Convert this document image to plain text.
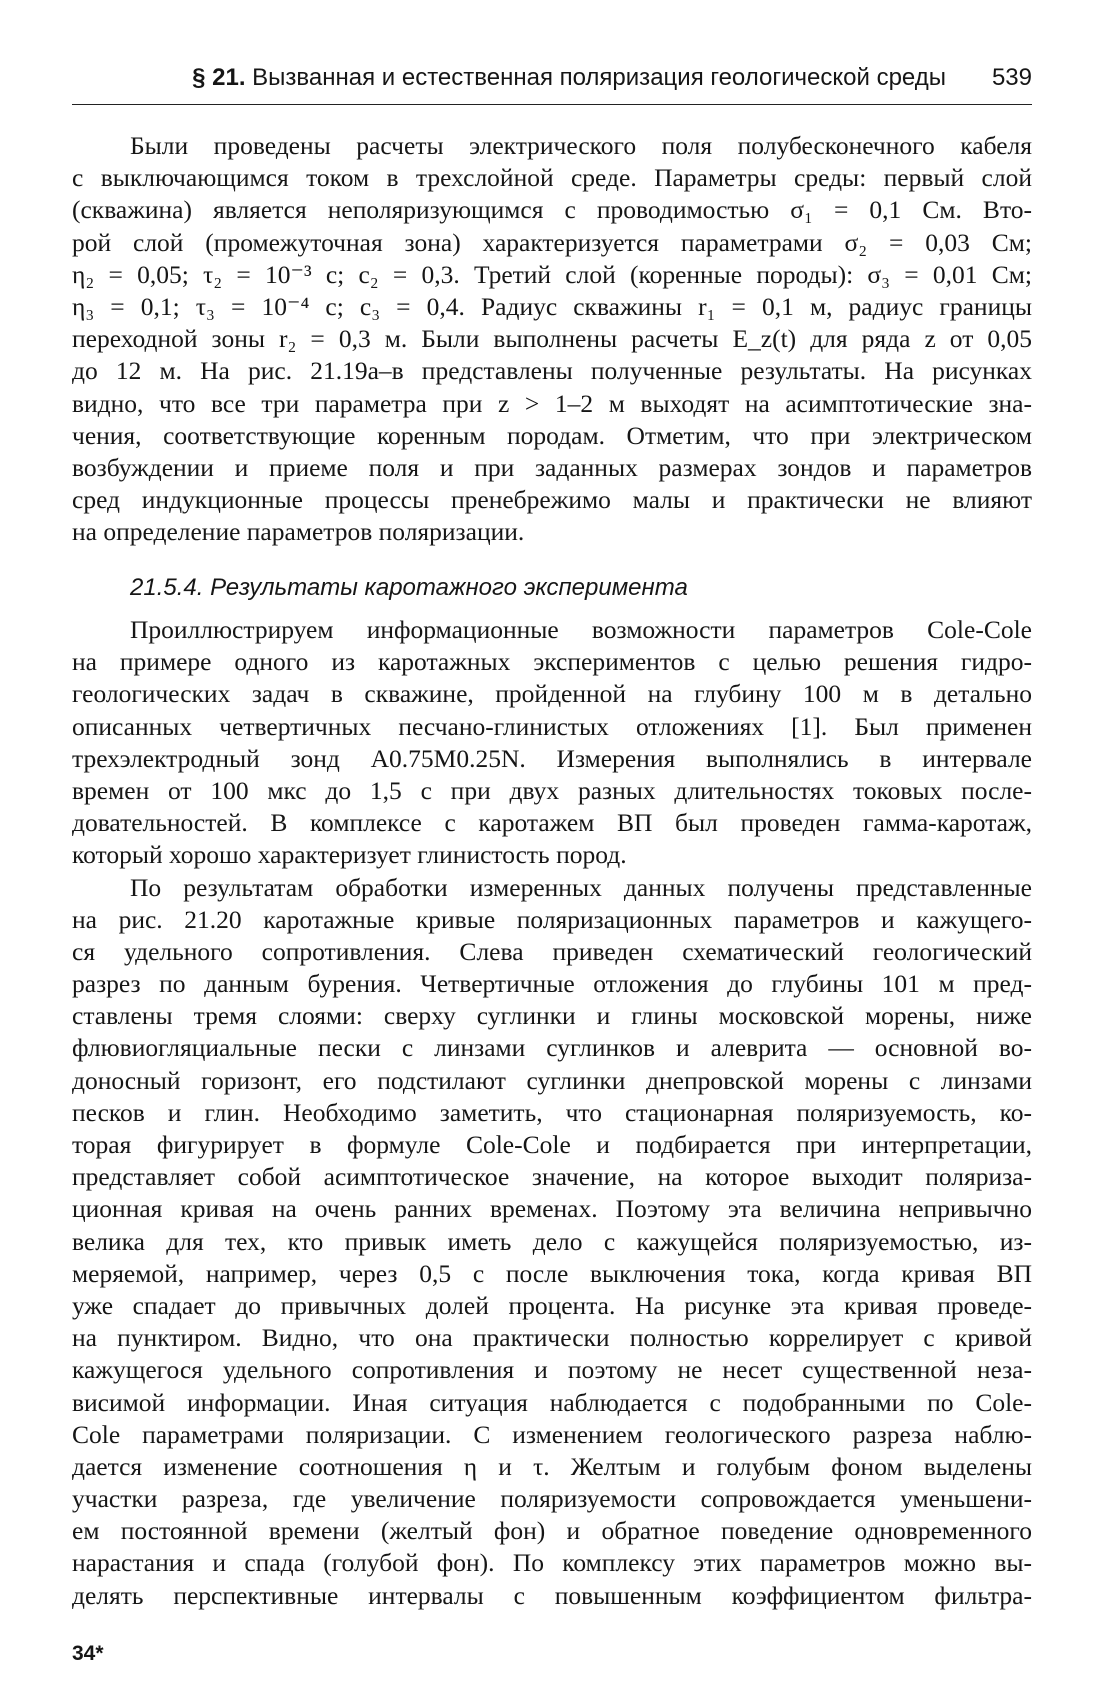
§ 21. Вызванная и естественная поляризация геологической среды 539
Были проведены расчеты электрического поля полубесконечного кабеля
с выключающимся током в трехслойной среде. Параметры среды: первый слой
(скважина) является неполяризующимся с проводимостью σ₁ = 0,1 См. Вто-
рой слой (промежуточная зона) характеризуется параметрами σ₂ = 0,03 См;
η₂ = 0,05; τ₂ = 10⁻³ с; c₂ = 0,3. Третий слой (коренные породы): σ₃ = 0,01 См;
η₃ = 0,1; τ₃ = 10⁻⁴ с; c₃ = 0,4. Радиус скважины r₁ = 0,1 м, радиус границы
переходной зоны r₂ = 0,3 м. Были выполнены расчеты E_z(t) для ряда z от 0,05
до 12 м. На рис. 21.19а–в представлены полученные результаты. На рисунках
видно, что все три параметра при z > 1–2 м выходят на асимптотические зна-
чения, соответствующие коренным породам. Отметим, что при электрическом
возбуждении и приеме поля и при заданных размерах зондов и параметров
сред индукционные процессы пренебрежимо малы и практически не влияют
на определение параметров поляризации.
21.5.4. Результаты каротажного эксперимента
Проиллюстрируем информационные возможности параметров Cole-Cole
на примере одного из каротажных экспериментов с целью решения гидро-
геологических задач в скважине, пройденной на глубину 100 м в детально
описанных четвертичных песчано-глинистых отложениях [1]. Был применен
трехэлектродный зонд A0.75M0.25N. Измерения выполнялись в интервале
времен от 100 мкс до 1,5 с при двух разных длительностях токовых после-
довательностей. В комплексе с каротажем ВП был проведен гамма-каротаж,
который хорошо характеризует глинистость пород.
По результатам обработки измеренных данных получены представленные
на рис. 21.20 каротажные кривые поляризационных параметров и кажущего-
ся удельного сопротивления. Слева приведен схематический геологический
разрез по данным бурения. Четвертичные отложения до глубины 101 м пред-
ставлены тремя слоями: сверху суглинки и глины московской морены, ниже
флювиогляциальные пески с линзами суглинков и алеврита — основной во-
доносный горизонт, его подстилают суглинки днепровской морены с линзами
песков и глин. Необходимо заметить, что стационарная поляризуемость, ко-
торая фигурирует в формуле Cole-Cole и подбирается при интерпретации,
представляет собой асимптотическое значение, на которое выходит поляриза-
ционная кривая на очень ранних временах. Поэтому эта величина непривычно
велика для тех, кто привык иметь дело с кажущейся поляризуемостью, из-
меряемой, например, через 0,5 с после выключения тока, когда кривая ВП
уже спадает до привычных долей процента. На рисунке эта кривая проведе-
на пунктиром. Видно, что она практически полностью коррелирует с кривой
кажущегося удельного сопротивления и поэтому не несет существенной неза-
висимой информации. Иная ситуация наблюдается с подобранными по Cole-
Cole параметрами поляризации. С изменением геологического разреза наблю-
дается изменение соотношения η и τ. Желтым и голубым фоном выделены
участки разреза, где увеличение поляризуемости сопровождается уменьшени-
ем постоянной времени (желтый фон) и обратное поведение одновременного
нарастания и спада (голубой фон). По комплексу этих параметров можно вы-
делять перспективные интервалы с повышенным коэффициентом фильтра-
34*
